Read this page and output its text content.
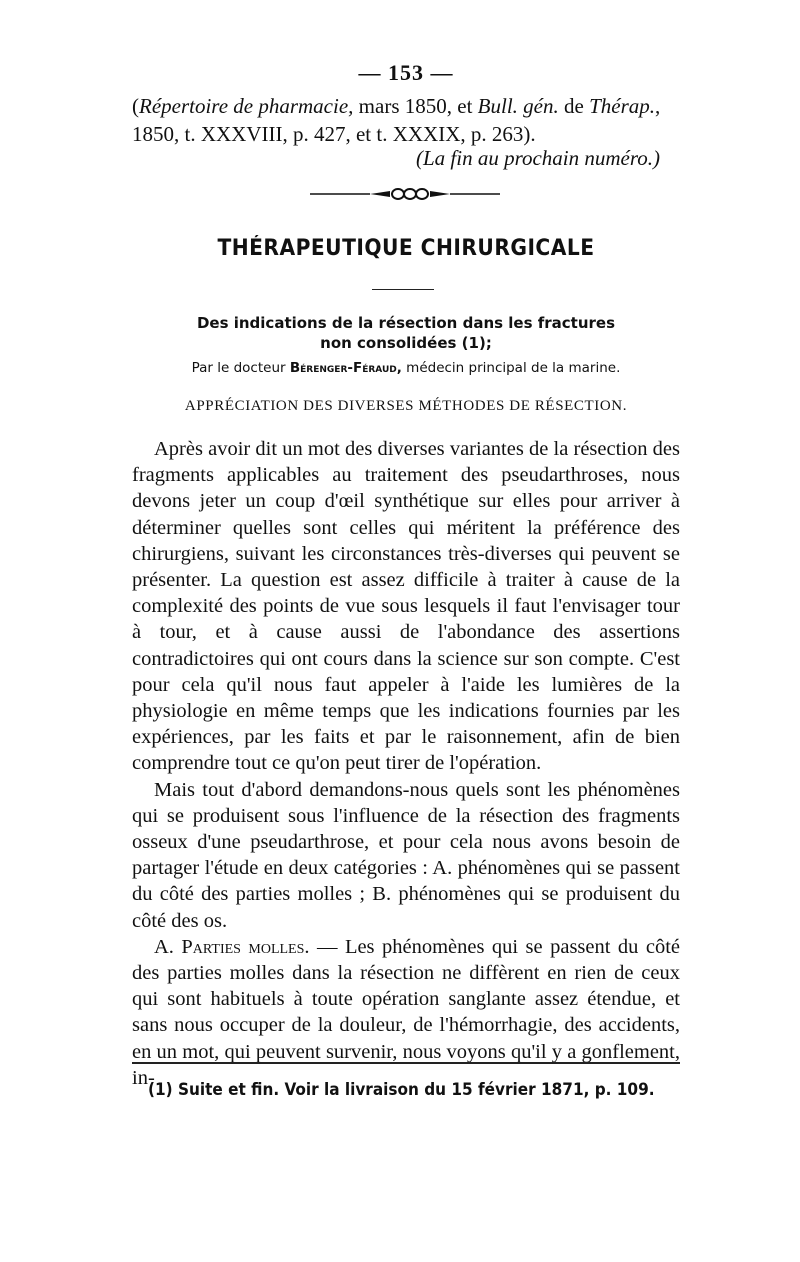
— 153 —
(Répertoire de pharmacie, mars 1850, et Bull. gén. de Thérap.,
1850, t. XXXVIII, p. 427, et t. XXXIX, p. 263).
(La fin au prochain numéro.)
THÉRAPEUTIQUE CHIRURGICALE
Des indications de la résection dans les fractures
non consolidées (1);
Par le docteur Bérenger-Féraud, médecin principal de la marine.
APPRÉCIATION DES DIVERSES MÉTHODES DE RÉSECTION.

Après avoir dit un mot des diverses variantes de la résection des fragments applicables au traitement des pseudarthroses, nous devons jeter un coup d'œil synthétique sur elles pour arriver à déterminer quelles sont celles qui méritent la préférence des chirurgiens, suivant les circonstances très-diverses qui peuvent se présenter. La question est assez difficile à traiter à cause de la complexité des points de vue sous lesquels il faut l'envisager tour à tour, et à cause aussi de l'abondance des assertions contradictoires qui ont cours dans la science sur son compte. C'est pour cela qu'il nous faut appeler à l'aide les lumières de la physiologie en même temps que les indications fournies par les expériences, par les faits et par le raisonnement, afin de bien comprendre tout ce qu'on peut tirer de l'opération.

Mais tout d'abord demandons-nous quels sont les phénomènes qui se produisent sous l'influence de la résection des fragments osseux d'une pseudarthrose, et pour cela nous avons besoin de partager l'étude en deux catégories : A. phénomènes qui se passent du côté des parties molles ; B. phénomènes qui se produisent du côté des os.

A. Parties molles. — Les phénomènes qui se passent du côté des parties molles dans la résection ne diffèrent en rien de ceux qui sont habituels à toute opération sanglante assez étendue, et sans nous occuper de la douleur, de l'hémorrhagie, des accidents, en un mot, qui peuvent survenir, nous voyons qu'il y a gonflement, in-

(1) Suite et fin. Voir la livraison du 15 février 1871, p. 109.
